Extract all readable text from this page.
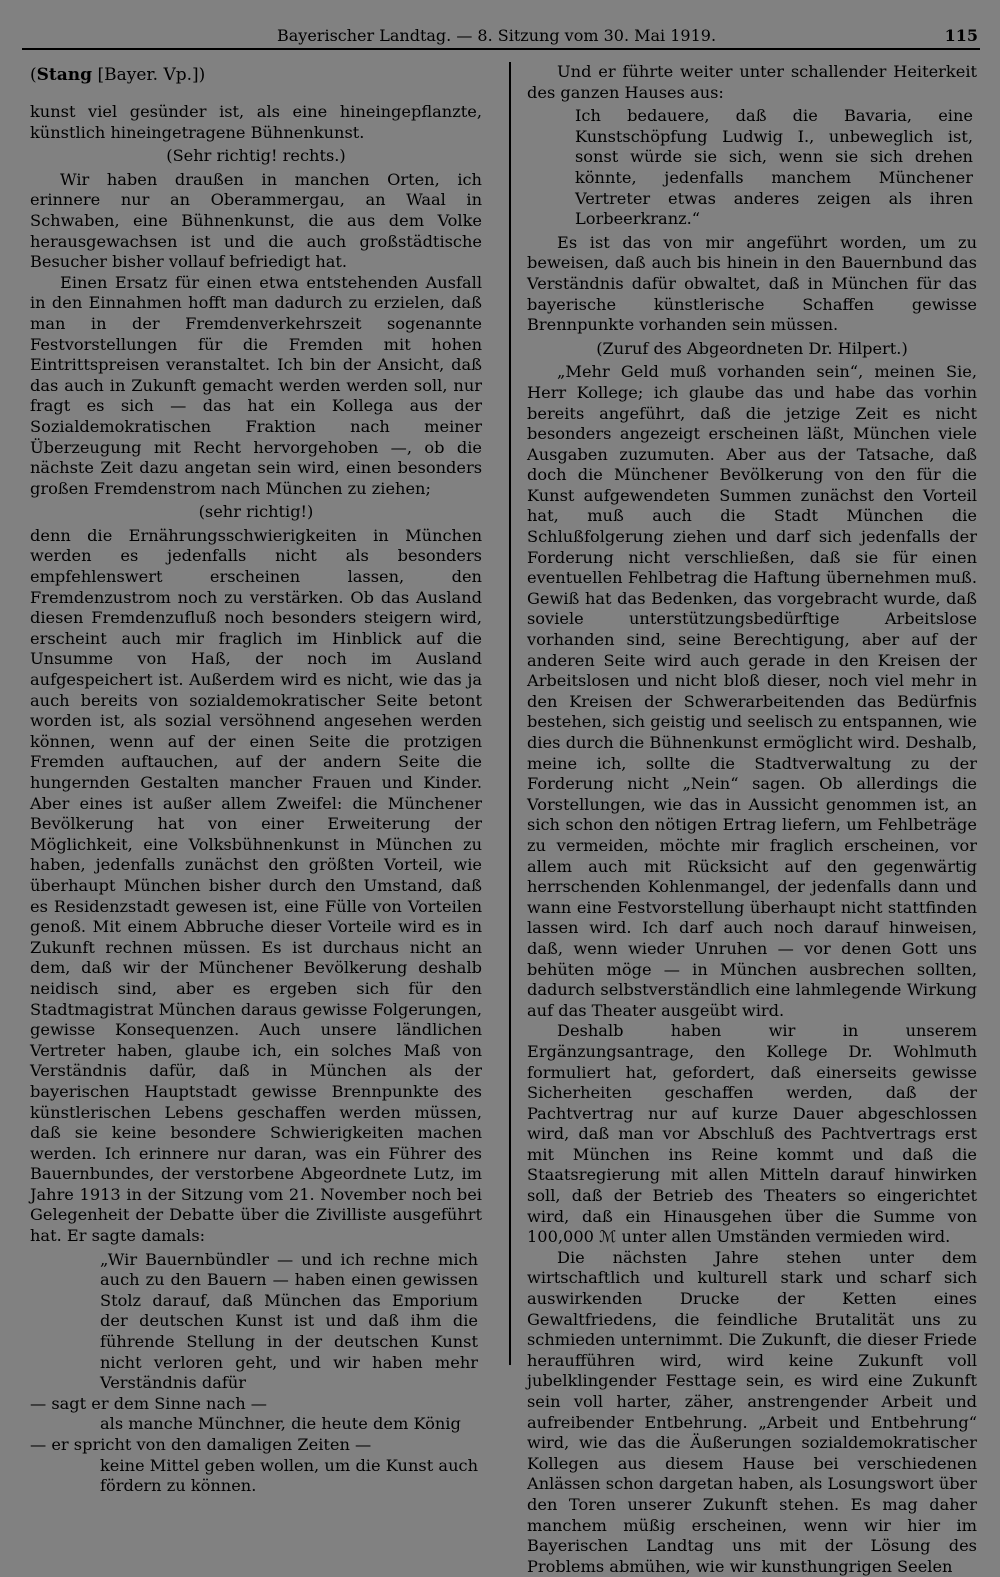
Bayerischer Landtag. — 8. Sitzung vom 30. Mai 1919.	115

(Stang [Bayer. Vp.])

kunst viel gesünder ist, als eine hineingepflanzte, künstlich hineingetragene Bühnenkunst.

(Sehr richtig! rechts.)

Wir haben draußen in manchen Orten, ich erinnere nur an Oberammergau, an Waal in Schwaben, eine Bühnenkunst, die aus dem Volke herausgewachsen ist und die auch großstädtische Besucher bisher vollauf befriedigt hat.

Einen Ersatz für einen etwa entstehenden Ausfall in den Einnahmen hofft man dadurch zu erzielen, daß man in der Fremdenverkehrszeit sogenannte Festvorstellungen für die Fremden mit hohen Eintrittspreisen veranstaltet. Ich bin der Ansicht, daß das auch in Zukunft gemacht werden werden soll, nur fragt es sich — das hat ein Kollega aus der Sozialdemokratischen Fraktion nach meiner Überzeugung mit Recht hervorgehoben —, ob die nächste Zeit dazu angetan sein wird, einen besonders großen Fremdenstrom nach München zu ziehen;

(sehr richtig!)

denn die Ernährungsschwierigkeiten in München werden es jedenfalls nicht als besonders empfehlenswert erscheinen lassen, den Fremdenzustrom noch zu verstärken. Ob das Ausland diesen Fremdenzufluß noch besonders steigern wird, erscheint auch mir fraglich im Hinblick auf die Unsumme von Haß, der noch im Ausland aufgespeichert ist. Außerdem wird es nicht, wie das ja auch bereits von sozialdemokratischer Seite betont worden ist, als sozial versöhnend angesehen werden können, wenn auf der einen Seite die protzigen Fremden auftauchen, auf der andern Seite die hungernden Gestalten mancher Frauen und Kinder. Aber eines ist außer allem Zweifel: die Münchener Bevölkerung hat von einer Erweiterung der Möglichkeit, eine Volksbühnenkunst in München zu haben, jedenfalls zunächst den größten Vorteil, wie überhaupt München bisher durch den Umstand, daß es Residenzstadt gewesen ist, eine Fülle von Vorteilen genoß. Mit einem Abbruche dieser Vorteile wird es in Zukunft rechnen müssen. Es ist durchaus nicht an dem, daß wir der Münchener Bevölkerung deshalb neidisch sind, aber es ergeben sich für den Stadtmagistrat München daraus gewisse Folgerungen, gewisse Konsequenzen. Auch unsere ländlichen Vertreter haben, glaube ich, ein solches Maß von Verständnis dafür, daß in München als der bayerischen Hauptstadt gewisse Brennpunkte des künstlerischen Lebens geschaffen werden müssen, daß sie keine besondere Schwierigkeiten machen werden. Ich erinnere nur daran, was ein Führer des Bauernbundes, der verstorbene Abgeordnete Lutz, im Jahre 1913 in der Sitzung vom 21. November noch bei Gelegenheit der Debatte über die Zivilliste ausgeführt hat. Er sagte damals:

„Wir Bauernbündler — und ich rechne mich auch zu den Bauern — haben einen gewissen Stolz darauf, daß München das Emporium der deutschen Kunst ist und daß ihm die führende Stellung in der deutschen Kunst nicht verloren geht, und wir haben mehr Verständnis dafür

— sagt er dem Sinne nach —

als manche Münchner, die heute dem König

— er spricht von den damaligen Zeiten —

keine Mittel geben wollen, um die Kunst auch fördern zu können.

Und er führte weiter unter schallender Heiterkeit des ganzen Hauses aus:

Ich bedauere, daß die Bavaria, eine Kunstschöpfung Ludwig I., unbeweglich ist, sonst würde sie sich, wenn sie sich drehen könnte, jedenfalls manchem Münchener Vertreter etwas anderes zeigen als ihren Lorbeerkranz.“

Es ist das von mir angeführt worden, um zu beweisen, daß auch bis hinein in den Bauernbund das Verständnis dafür obwaltet, daß in München für das bayerische künstlerische Schaffen gewisse Brennpunkte vorhanden sein müssen.

(Zuruf des Abgeordneten Dr. Hilpert.)

„Mehr Geld muß vorhanden sein“, meinen Sie, Herr Kollege; ich glaube das und habe das vorhin bereits angeführt, daß die jetzige Zeit es nicht besonders angezeigt erscheinen läßt, München viele Ausgaben zuzumuten. Aber aus der Tatsache, daß doch die Münchener Bevölkerung von den für die Kunst aufgewendeten Summen zunächst den Vorteil hat, muß auch die Stadt München die Schlußfolgerung ziehen und darf sich jedenfalls der Forderung nicht verschließen, daß sie für einen eventuellen Fehlbetrag die Haftung übernehmen muß. Gewiß hat das Bedenken, das vorgebracht wurde, daß soviele unterstützungsbedürftige Arbeitslose vorhanden sind, seine Berechtigung, aber auf der anderen Seite wird auch gerade in den Kreisen der Arbeitslosen und nicht bloß dieser, noch viel mehr in den Kreisen der Schwerarbeitenden das Bedürfnis bestehen, sich geistig und seelisch zu entspannen, wie dies durch die Bühnenkunst ermöglicht wird. Deshalb, meine ich, sollte die Stadtverwaltung zu der Forderung nicht „Nein“ sagen. Ob allerdings die Vorstellungen, wie das in Aussicht genommen ist, an sich schon den nötigen Ertrag liefern, um Fehlbeträge zu vermeiden, möchte mir fraglich erscheinen, vor allem auch mit Rücksicht auf den gegenwärtig herrschenden Kohlenmangel, der jedenfalls dann und wann eine Festvorstellung überhaupt nicht stattfinden lassen wird. Ich darf auch noch darauf hinweisen, daß, wenn wieder Unruhen — vor denen Gott uns behüten möge — in München ausbrechen sollten, dadurch selbstverständlich eine lahmlegende Wirkung auf das Theater ausgeübt wird.

Deshalb haben wir in unserem Ergänzungsantrage, den Kollege Dr. Wohlmuth formuliert hat, gefordert, daß einerseits gewisse Sicherheiten geschaffen werden, daß der Pachtvertrag nur auf kurze Dauer abgeschlossen wird, daß man vor Abschluß des Pachtvertrags erst mit München ins Reine kommt und daß die Staatsregierung mit allen Mitteln darauf hinwirken soll, daß der Betrieb des Theaters so eingerichtet wird, daß ein Hinausgehen über die Summe von 100,000 ℳ unter allen Umständen vermieden wird.

Die nächsten Jahre stehen unter dem wirtschaftlich und kulturell stark und scharf sich auswirkenden Drucke der Ketten eines Gewaltfriedens, die feindliche Brutalität uns zu schmieden unternimmt. Die Zukunft, die dieser Friede heraufführen wird, wird keine Zukunft voll jubelklingender Festtage sein, es wird eine Zukunft sein voll harter, zäher, anstrengender Arbeit und aufreibender Entbehrung. „Arbeit und Entbehrung“ wird, wie das die Äußerungen sozialdemokratischer Kollegen aus diesem Hause bei verschiedenen Anlässen schon dargetan haben, als Losungswort über den Toren unserer Zukunft stehen. Es mag daher manchem müßig erscheinen, wenn wir hier im Bayerischen Landtag uns mit der Lösung des Problems abmühen, wie wir kunsthungrigen Seelen
